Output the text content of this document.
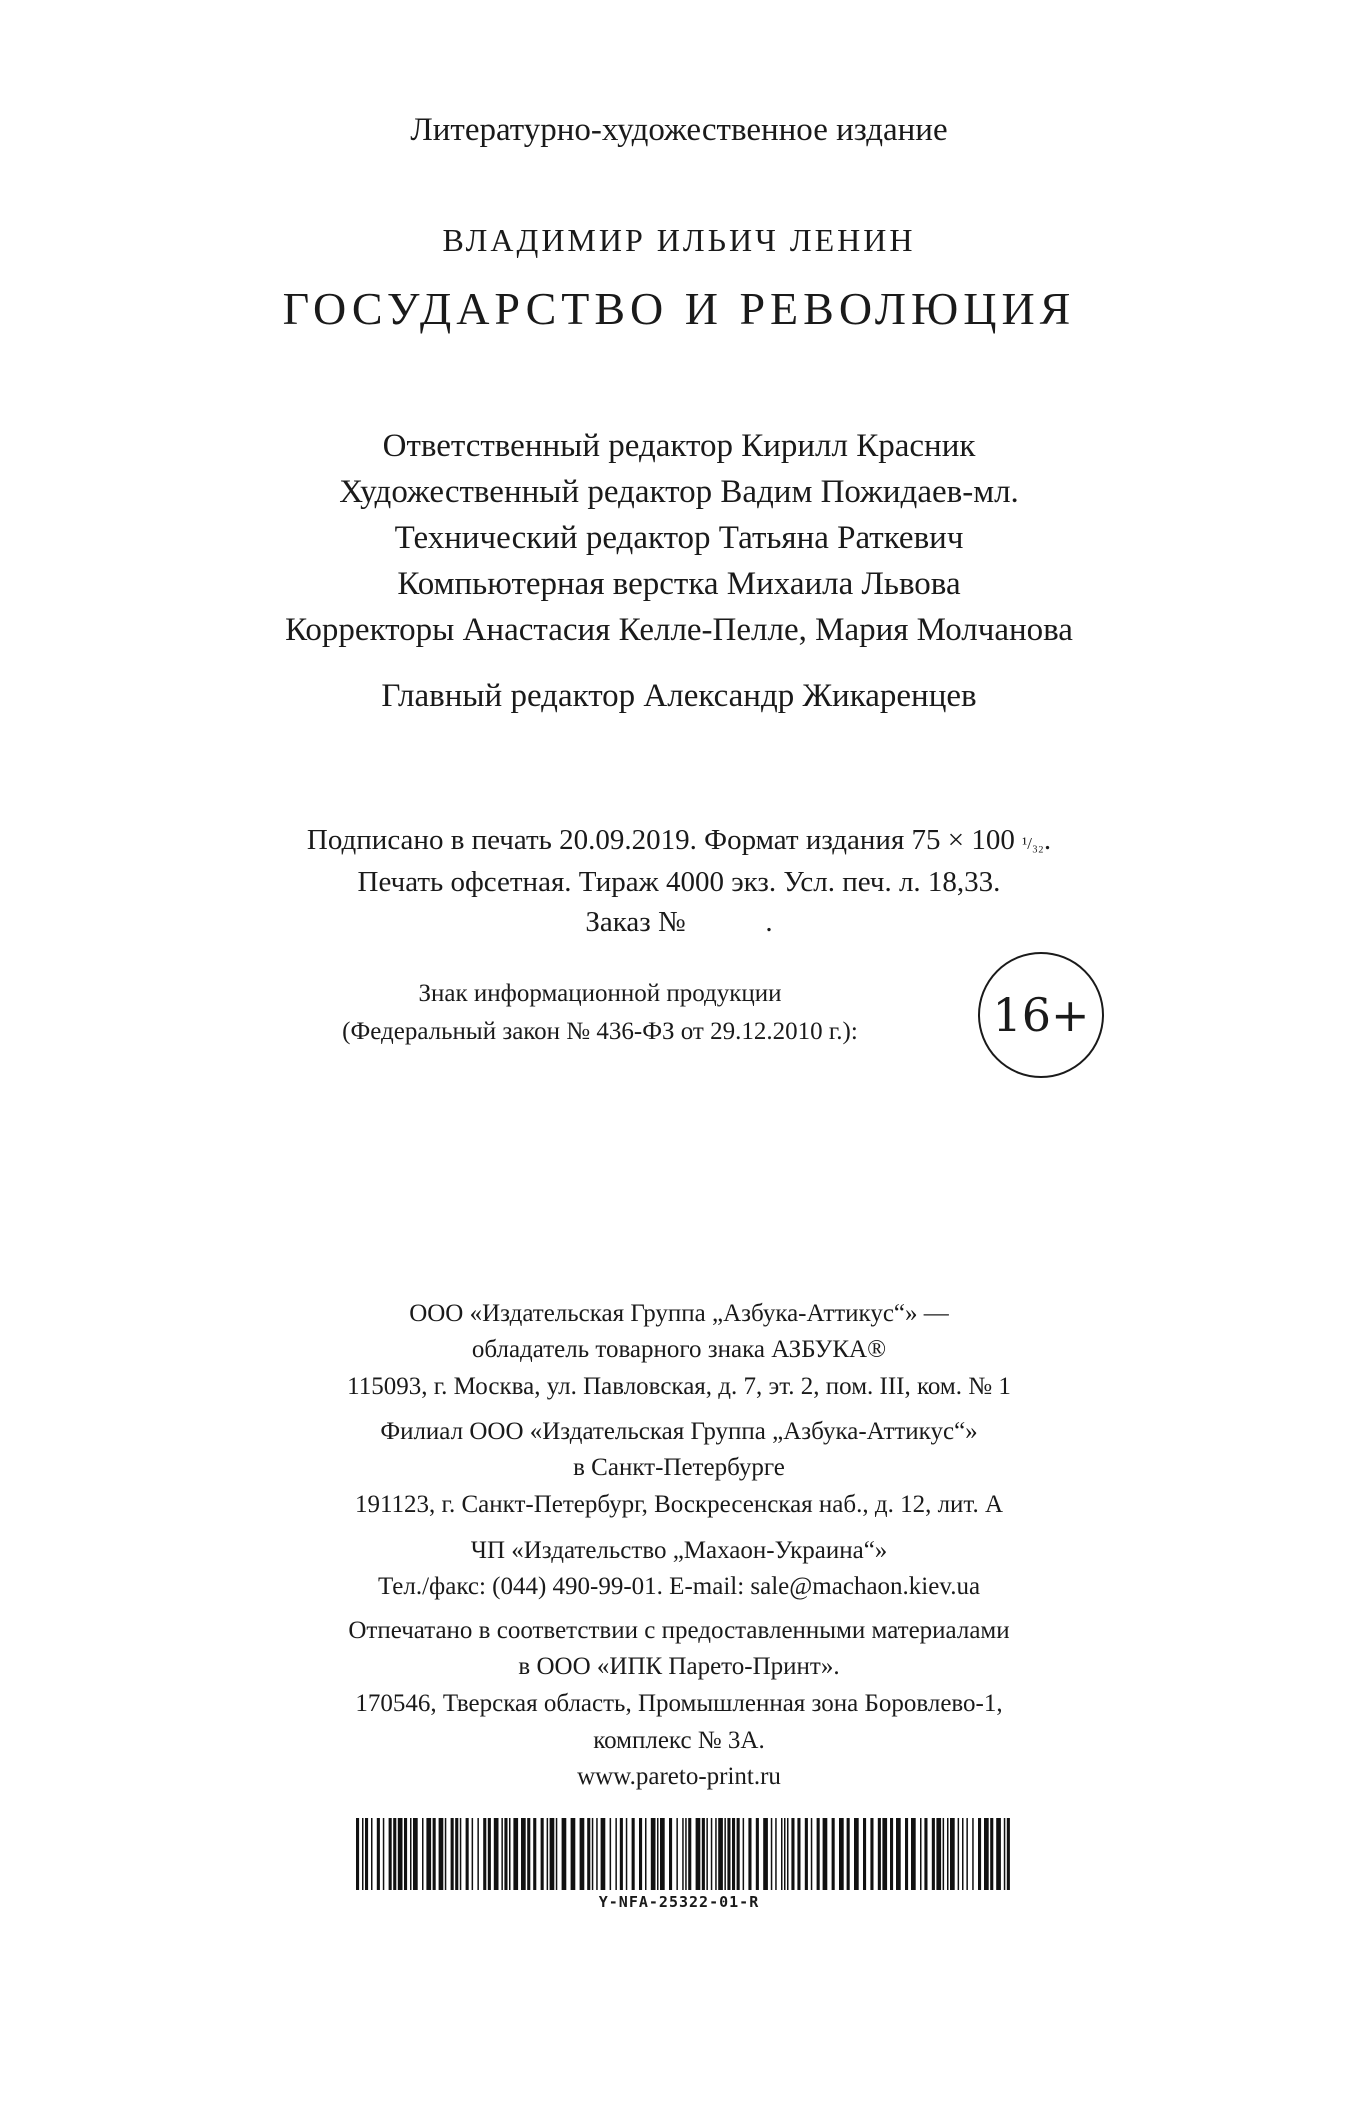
Литературно-художественное издание
ВЛАДИМИР ИЛЬИЧ ЛЕНИН
ГОСУДАРСТВО И РЕВОЛЮЦИЯ
Ответственный редактор Кирилл Красник
Художественный редактор Вадим Пожидаев-мл.
Технический редактор Татьяна Раткевич
Компьютерная верстка Михаила Львова
Корректоры Анастасия Келле-Пелле, Мария Молчанова
Главный редактор Александр Жикаренцев
Подписано в печать 20.09.2019. Формат издания 75 × 100 ¹/₃₂.
Печать офсетная. Тираж 4000 экз. Усл. печ. л. 18,33.
Заказ №           .
Знак информационной продукции
(Федеральный закон № 436-ФЗ от 29.12.2010 г.):	16+
ООО «Издательская Группа „Азбука-Аттикус“» —
обладатель товарного знака АЗБУКА®
115093, г. Москва, ул. Павловская, д. 7, эт. 2, пом. III, ком. № 1
Филиал ООО «Издательская Группа „Азбука-Аттикус“»
в Санкт-Петербурге
191123, г. Санкт-Петербург, Воскресенская наб., д. 12, лит. А
ЧП «Издательство „Махаон-Украина“»
Тел./факс: (044) 490-99-01. E-mail: sale@machaon.kiev.ua
Отпечатано в соответствии с предоставленными материалами
в ООО «ИПК Парето-Принт».
170546, Тверская область, Промышленная зона Боровлево-1,
комплекс № 3А.
www.pareto-print.ru
Y-NFA-25322-01-R
